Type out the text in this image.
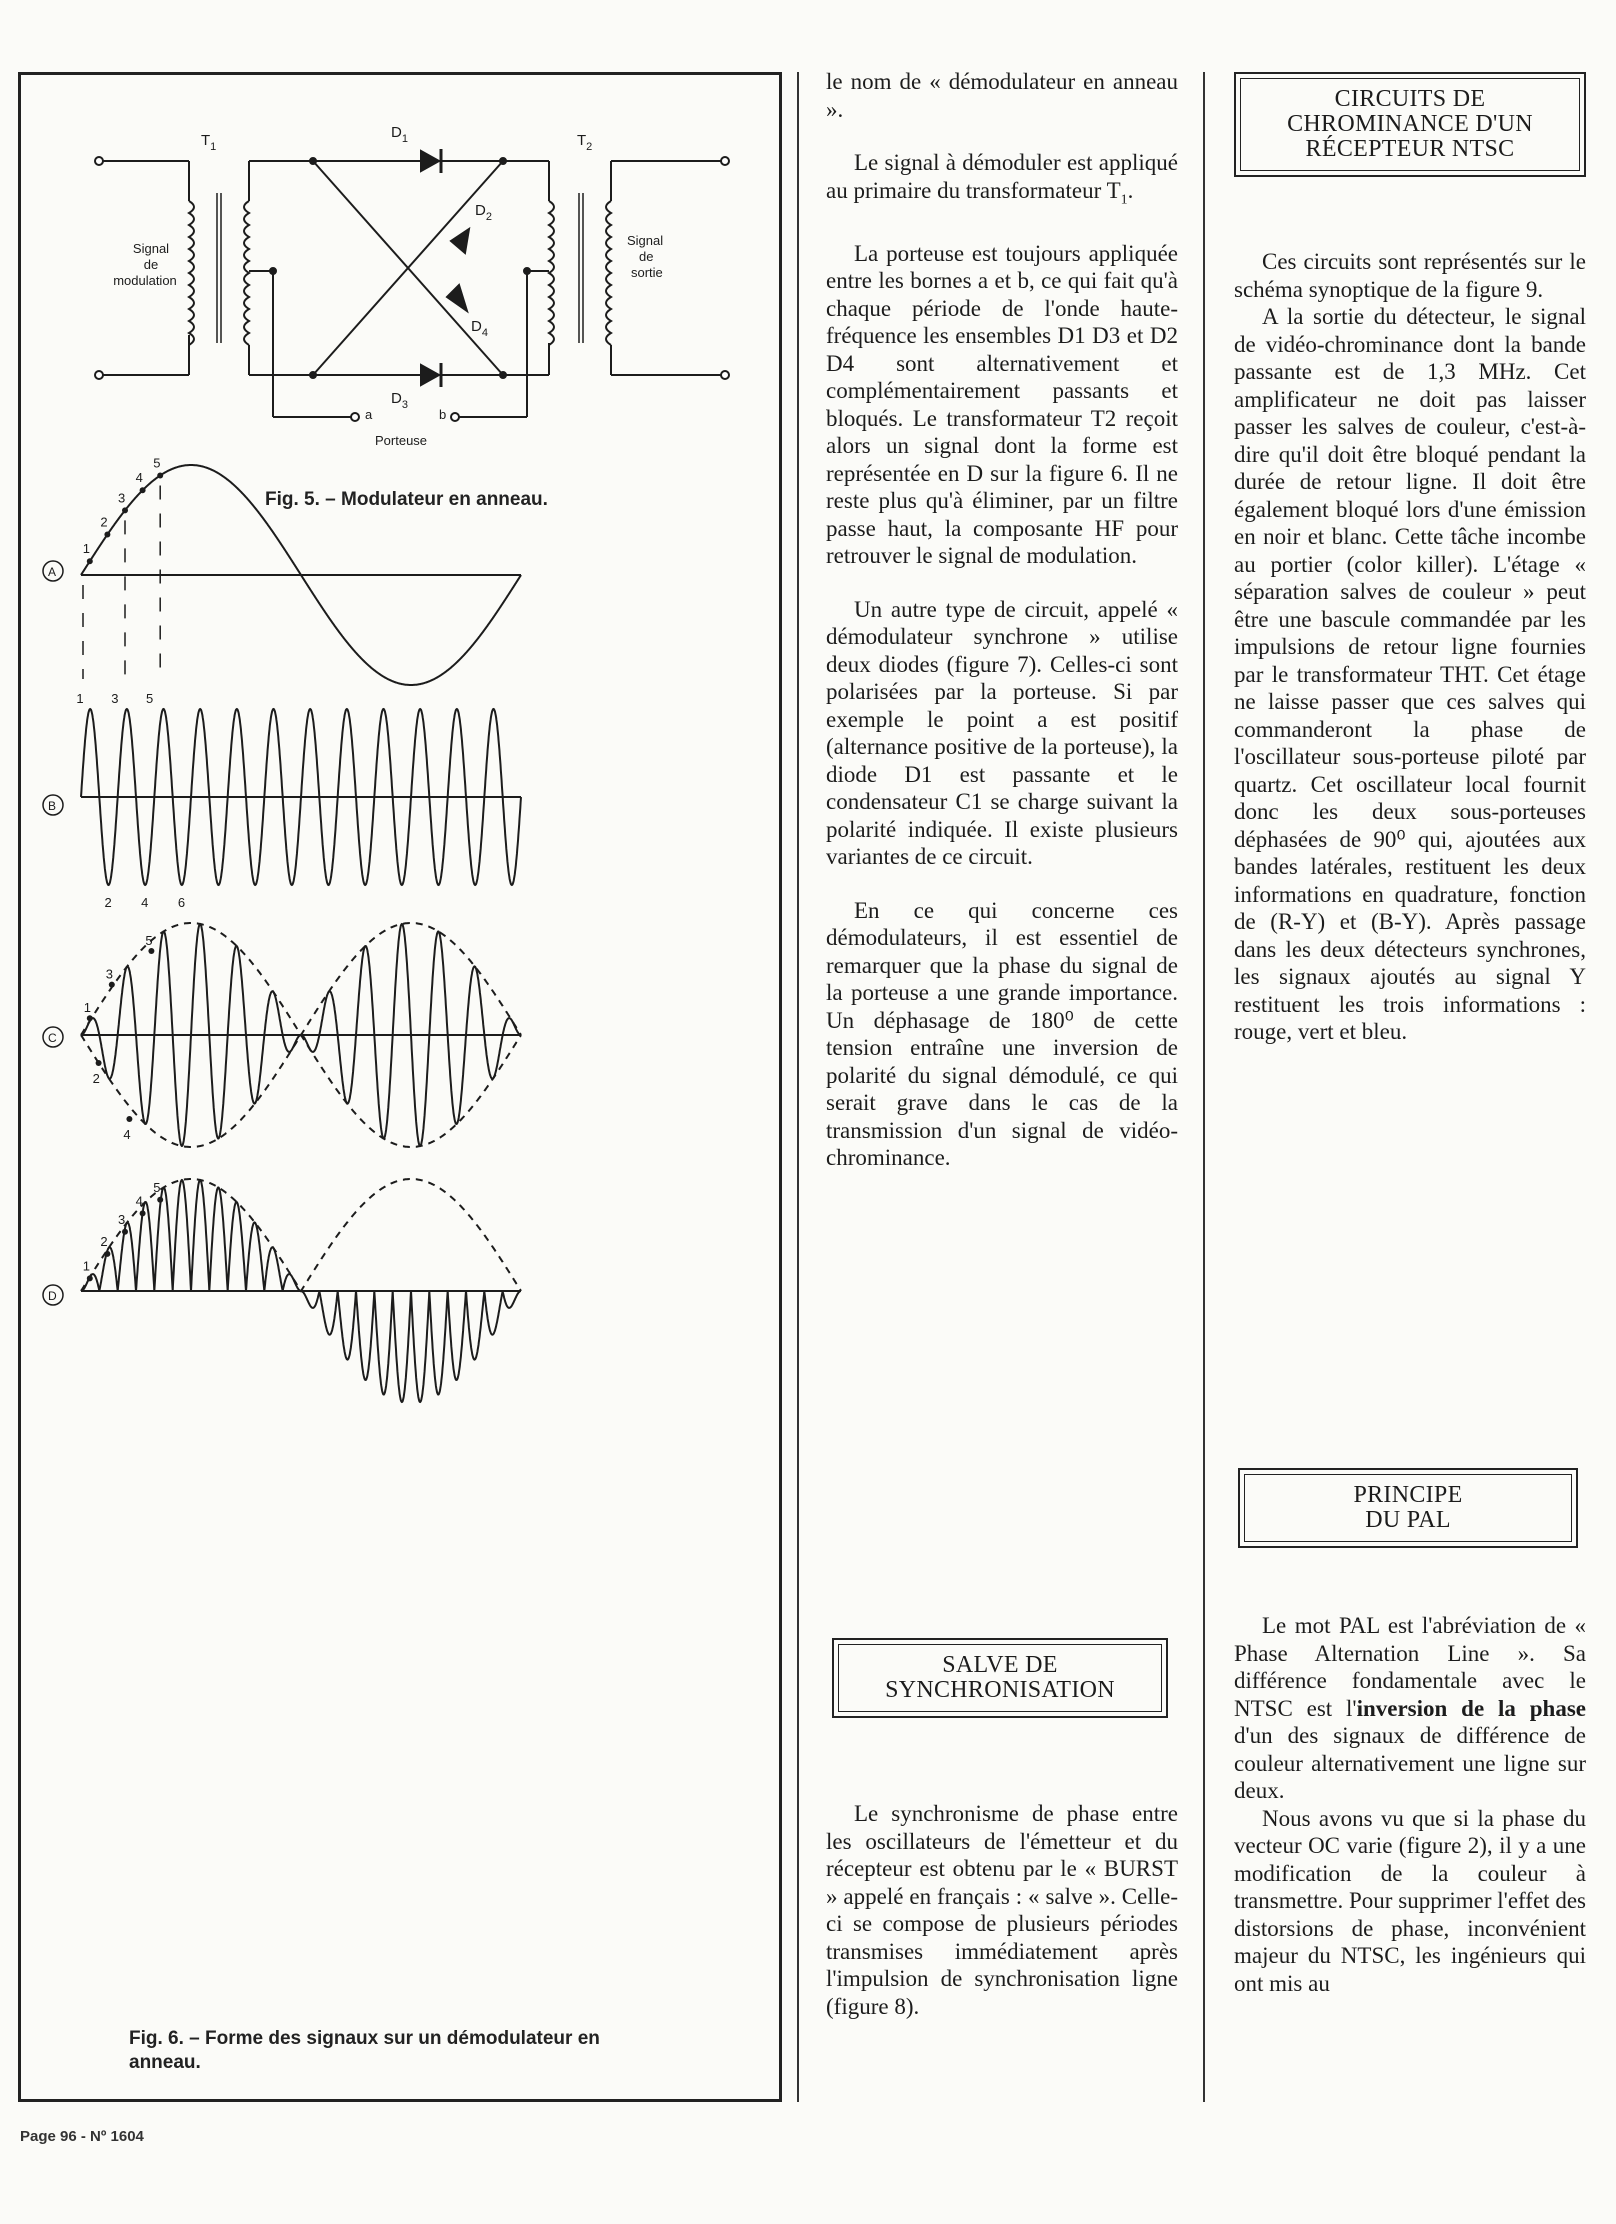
$T_1$	$T_2$
$D_1$
$D_2$
$D_3$
$D_4$
Signal
de
modulation
Signal
de
sortie
a	b
Porteuse
A
1
2
3
4
5
B
1 3 5
2 4 6
C
1
2
3
4
5
D
1
2
3
4
5
Fig. 5. – Modulateur en anneau.
Fig. 6. – Forme des signaux sur un démodulateur en
anneau.

le nom de « démodulateur en anneau ».

Le signal à démoduler est appliqué au primaire du transformateur $T_1$.

La porteuse est toujours appliquée entre les bornes a et b, ce qui fait qu'à chaque période de l'onde haute-fréquence les ensembles D1 D3 et D2 D4 sont alternativement et complémentairement passants et bloqués. Le transformateur T2 reçoit alors un signal dont la forme est représentée en D sur la figure 6. Il ne reste plus qu'à éliminer, par un filtre passe haut, la composante HF pour retrouver le signal de modulation.

Un autre type de circuit, appelé « démodulateur synchrone » utilise deux diodes (figure 7). Celles-ci sont polarisées par la porteuse. Si par exemple le point a est positif (alternance positive de la porteuse), la diode D1 est passante et le condensateur C1 se charge suivant la polarité indiquée. Il existe plusieurs variantes de ce circuit.

En ce qui concerne ces démodulateurs, il est essentiel de remarquer que la phase du signal de la porteuse a une grande importance. Un déphasage de 180⁰ de cette tension entraîne une inversion de polarité du signal démodulé, ce qui serait grave dans le cas de la transmission d'un signal de vidéo-chrominance.

SALVE DE
SYNCHRONISATION

Le synchronisme de phase entre les oscillateurs de l'émetteur et du récepteur est obtenu par le « BURST » appelé en français : « salve ». Celle-ci se compose de plusieurs périodes transmises immédiatement après l'impulsion de synchronisation ligne (figure 8).

CIRCUITS DE
CHROMINANCE D'UN
RÉCEPTEUR NTSC

Ces circuits sont représentés sur le schéma synoptique de la figure 9.

A la sortie du détecteur, le signal de vidéo-chrominance dont la bande passante est de 1,3 MHz. Cet amplificateur ne doit pas laisser passer les salves de couleur, c'est-à-dire qu'il doit être bloqué pendant la durée de retour ligne. Il doit être également bloqué lors d'une émission en noir et blanc. Cette tâche incombe au portier (color killer). L'étage « séparation salves de couleur » peut être une bascule commandée par les impulsions de retour ligne fournies par le transformateur THT. Cet étage ne laisse passer que ces salves qui commanderont la phase de l'oscillateur sous-porteuse piloté par quartz. Cet oscillateur local fournit donc les deux sous-porteuses déphasées de 90⁰ qui, ajoutées aux bandes latérales, restituent les deux informations en quadrature, fonction de (R-Y) et (B-Y). Après passage dans les deux détecteurs synchrones, les signaux ajoutés au signal Y restituent les trois informations : rouge, vert et bleu.

PRINCIPE
DU PAL

Le mot PAL est l'abréviation de « Phase Alternation Line ». Sa différence fondamentale avec le NTSC est l'inversion de la phase d'un des signaux de différence de couleur alternativement une ligne sur deux.

Nous avons vu que si la phase du vecteur OC varie (figure 2), il y a une modification de la couleur à transmettre. Pour supprimer l'effet des distorsions de phase, inconvénient majeur du NTSC, les ingénieurs qui ont mis au

Page 96 - Nº 1604
